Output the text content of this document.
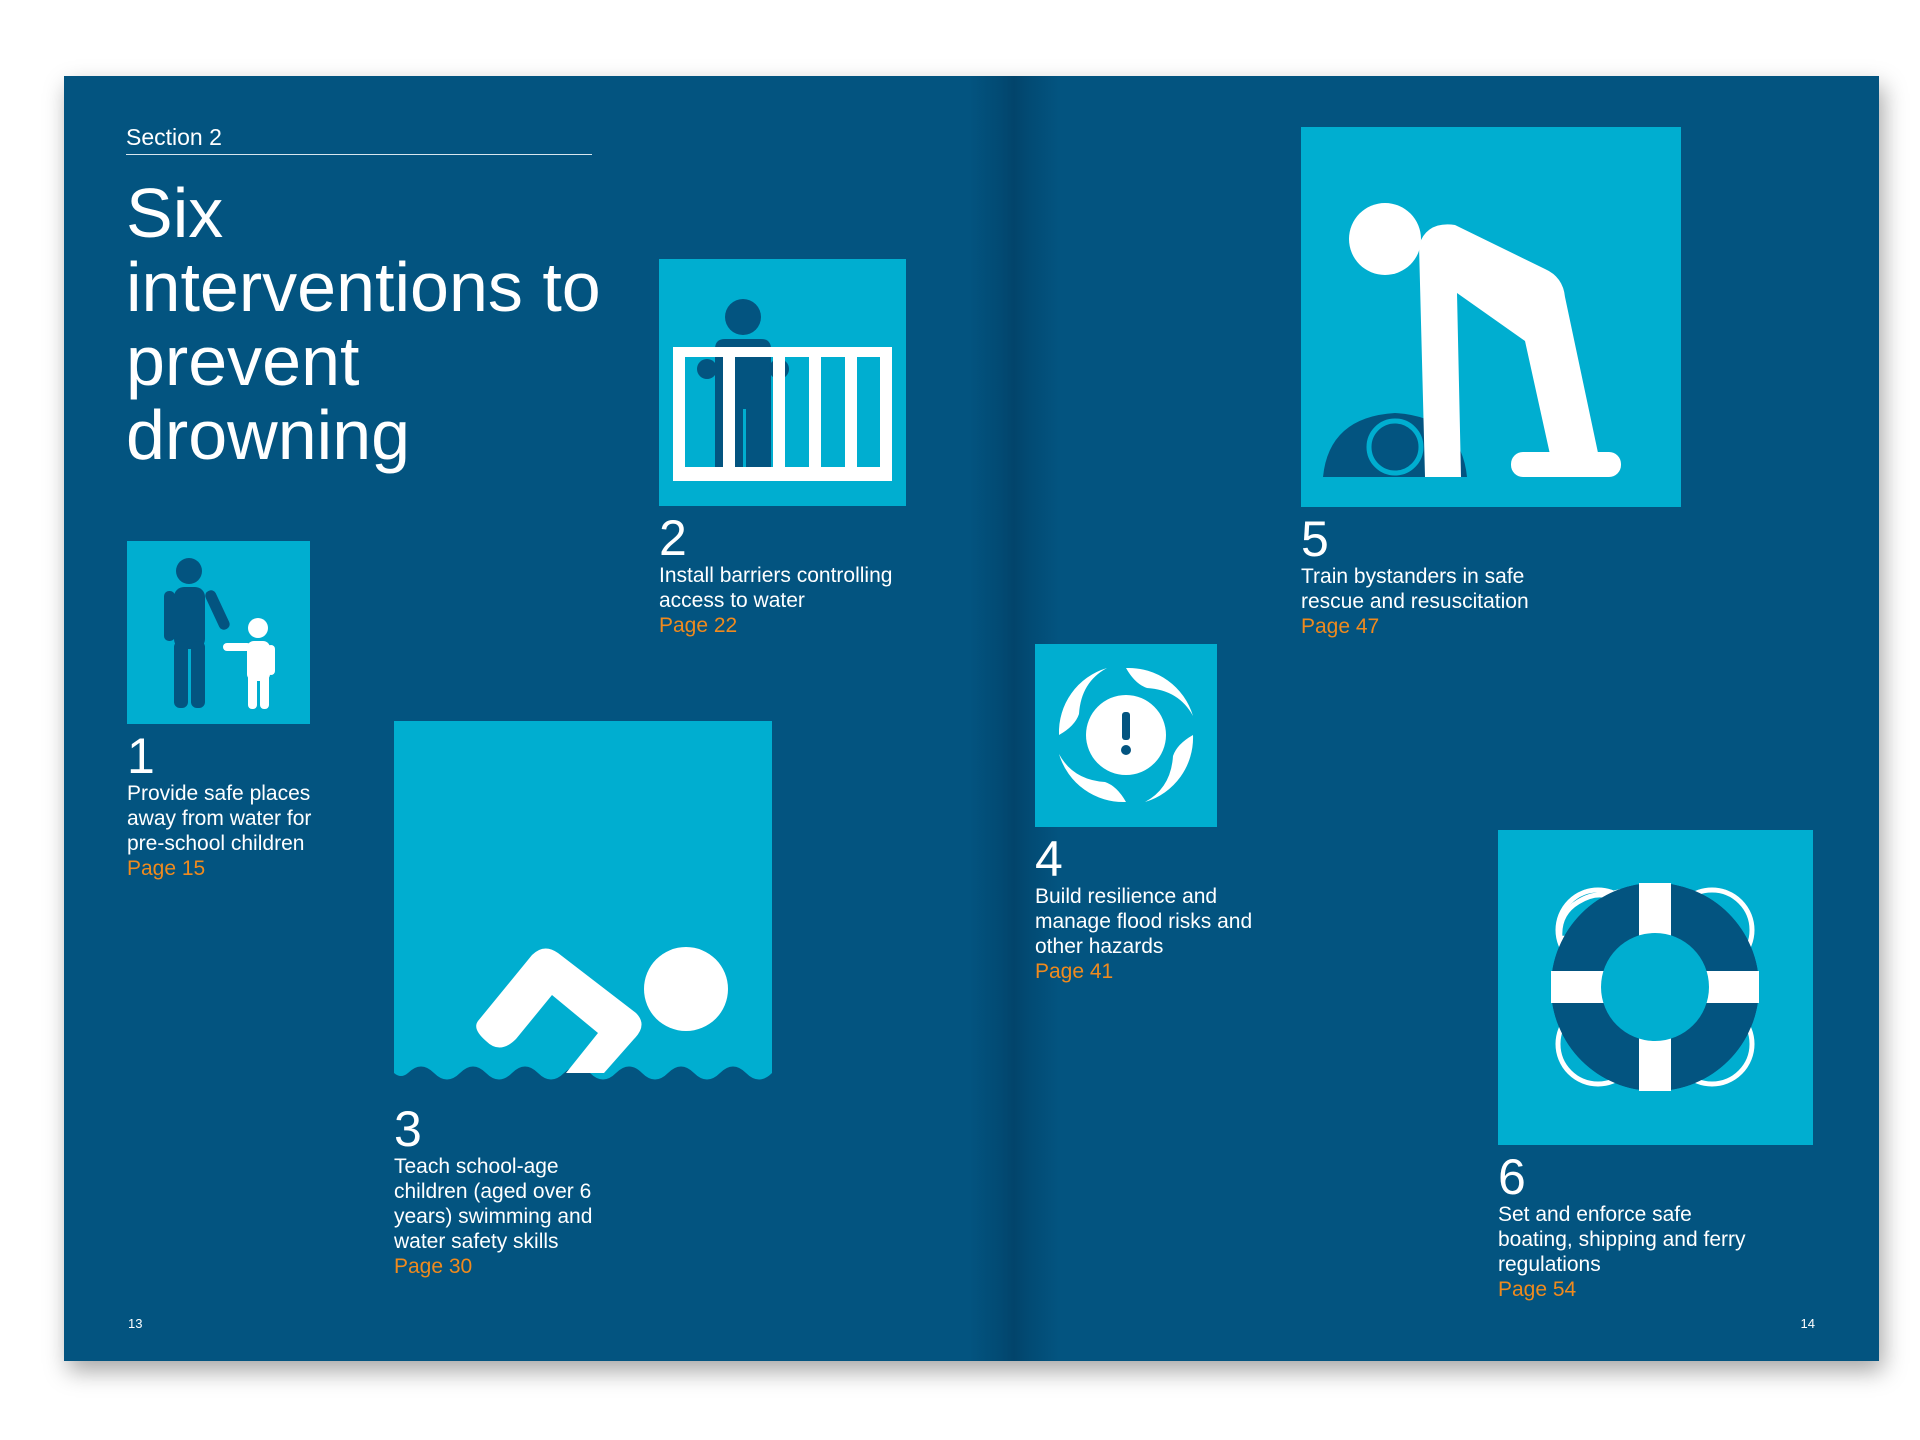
Section 2
Six interventions to prevent drowning
1
Provide safe places away from water for pre-school children
Page 15
2
Install barriers controlling access to water
Page 22
3
Teach school-age children (aged over 6 years) swimming and water safety skills
Page 30
4
Build resilience and manage flood risks and other hazards
Page 41
5
Train bystanders in safe rescue and resuscitation
Page 47
6
Set and enforce safe boating, shipping and ferry regulations
Page 54
13	14
